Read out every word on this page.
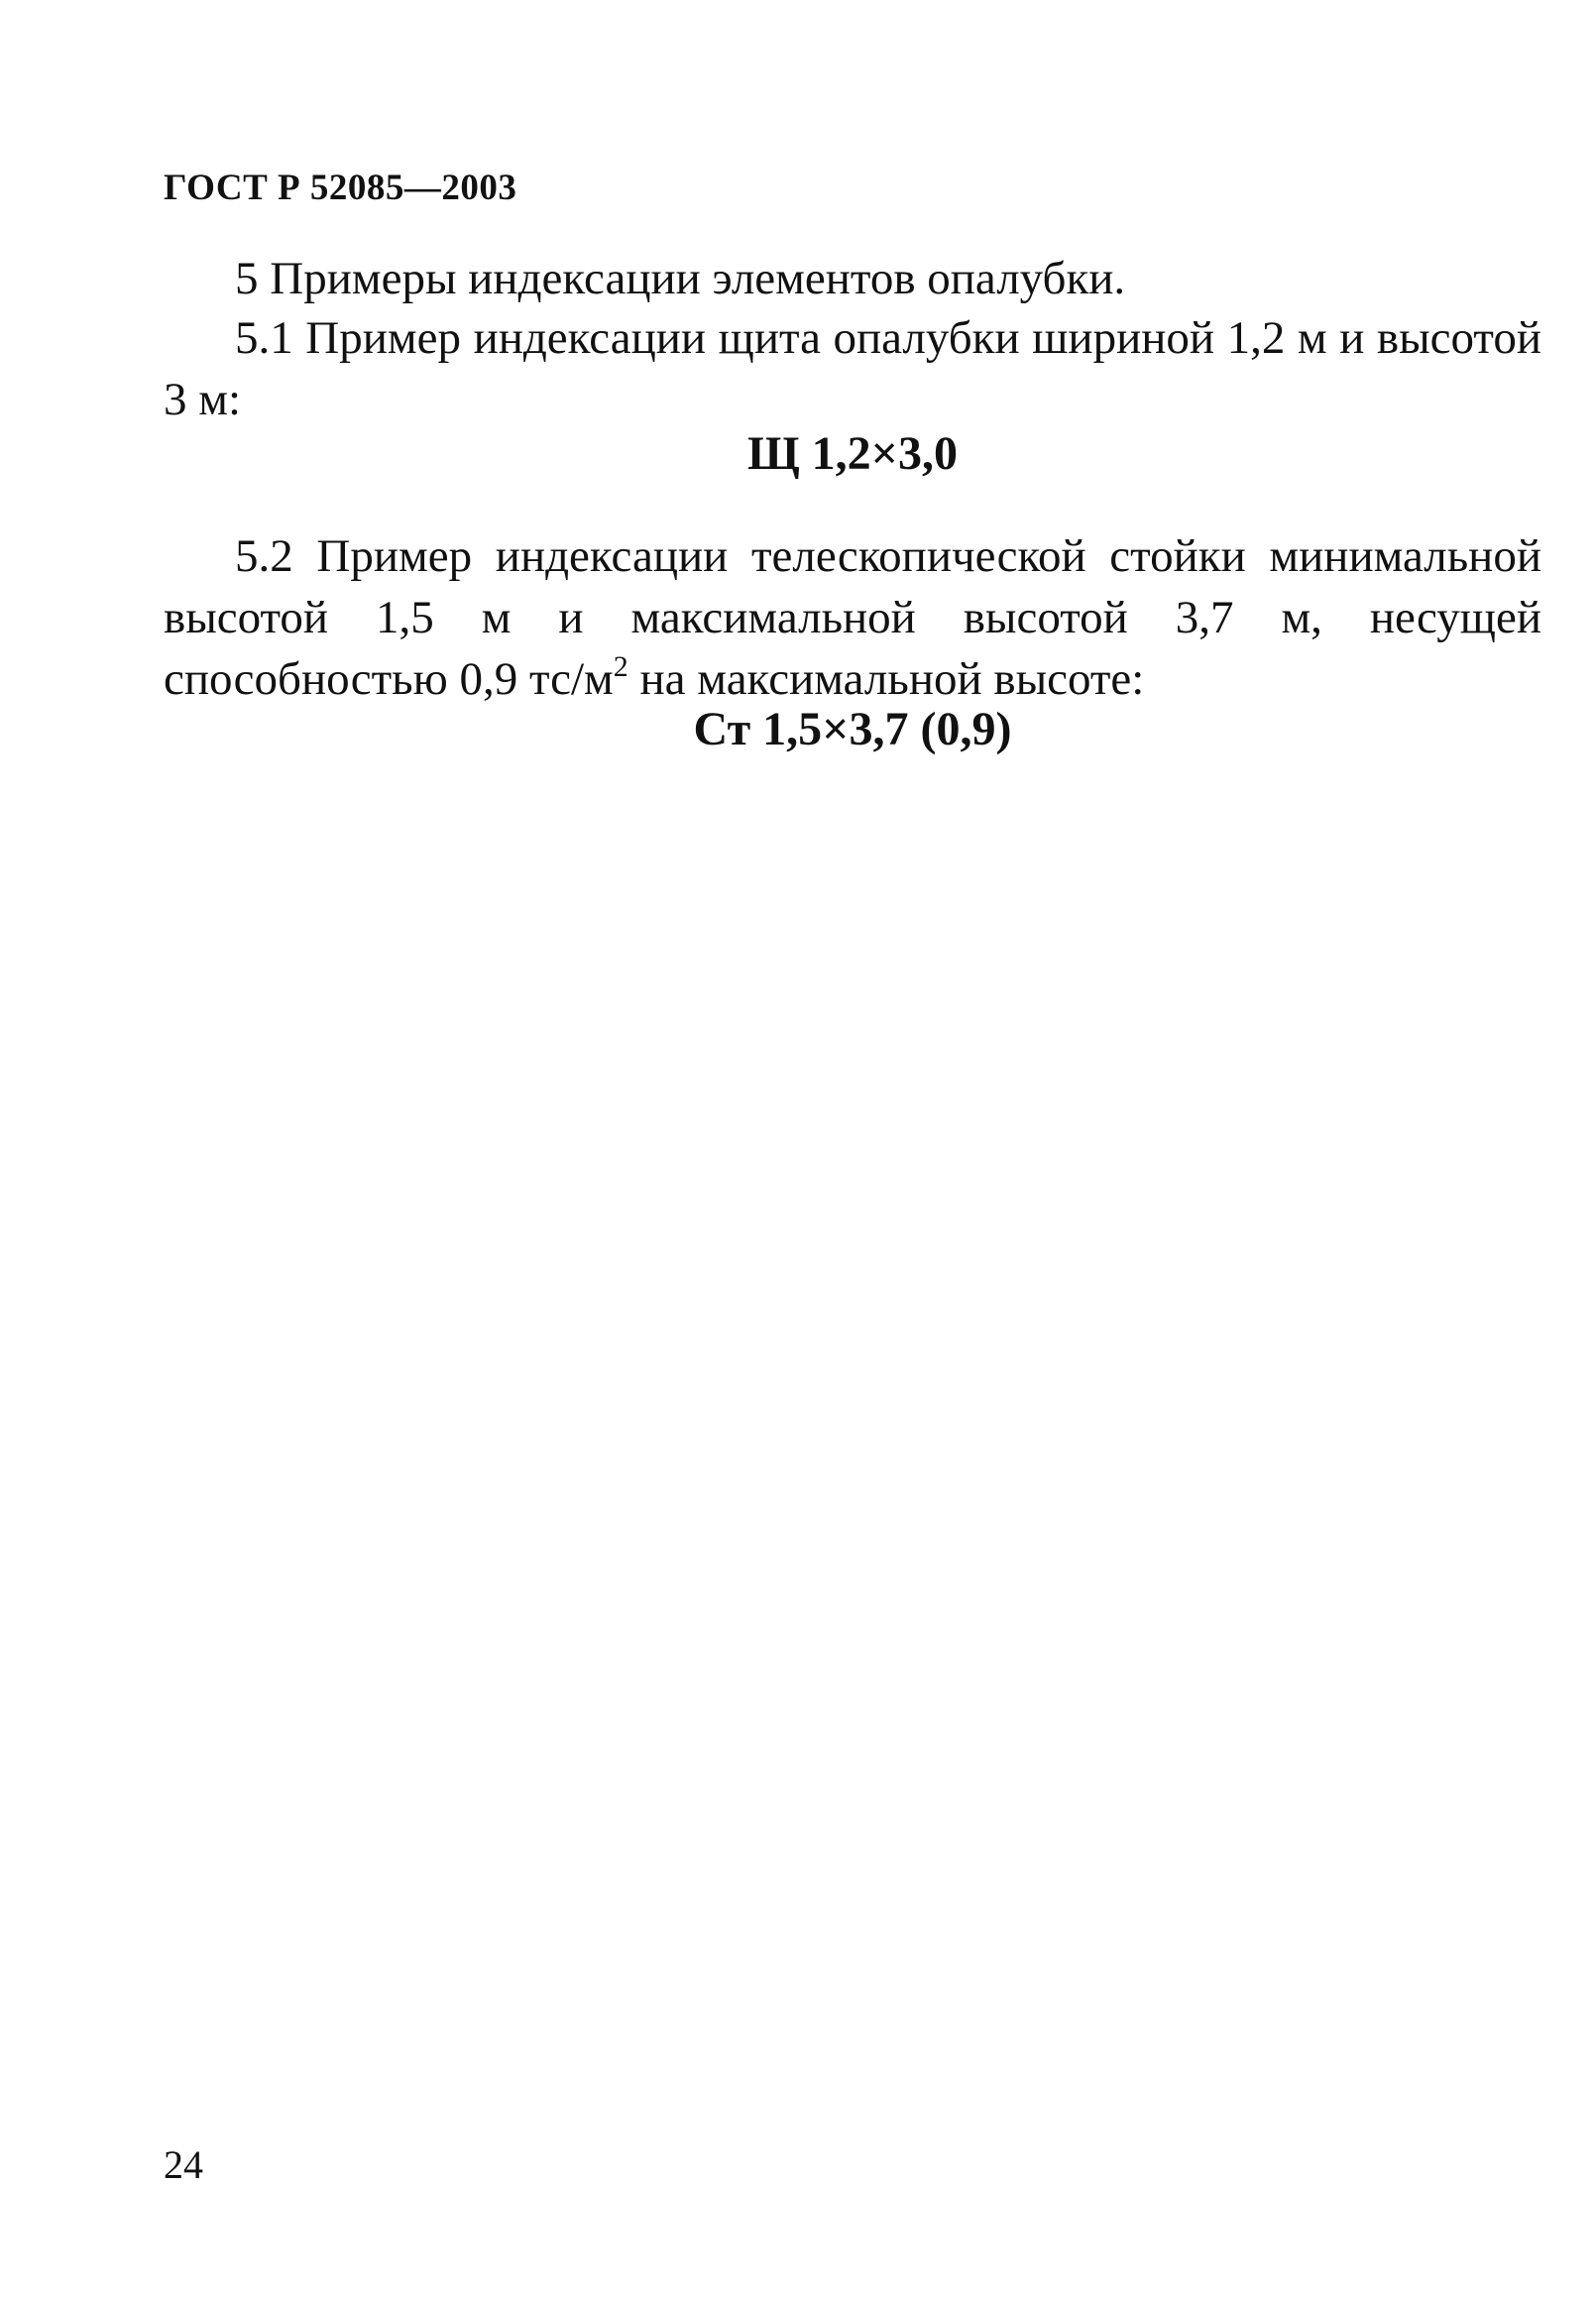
ГОСТ Р 52085—2003
5 Примеры индексации элементов опалубки.
5.1 Пример индексации щита опалубки шириной 1,2 м и высотой 3 м:
Щ 1,2×3,0
5.2 Пример индексации телескопической стойки минимальной высотой 1,5 м и максимальной высотой 3,7 м, несущей способностью 0,9 $тс/м^2$ на максимальной высоте:
Ст 1,5×3,7 (0,9)
24
